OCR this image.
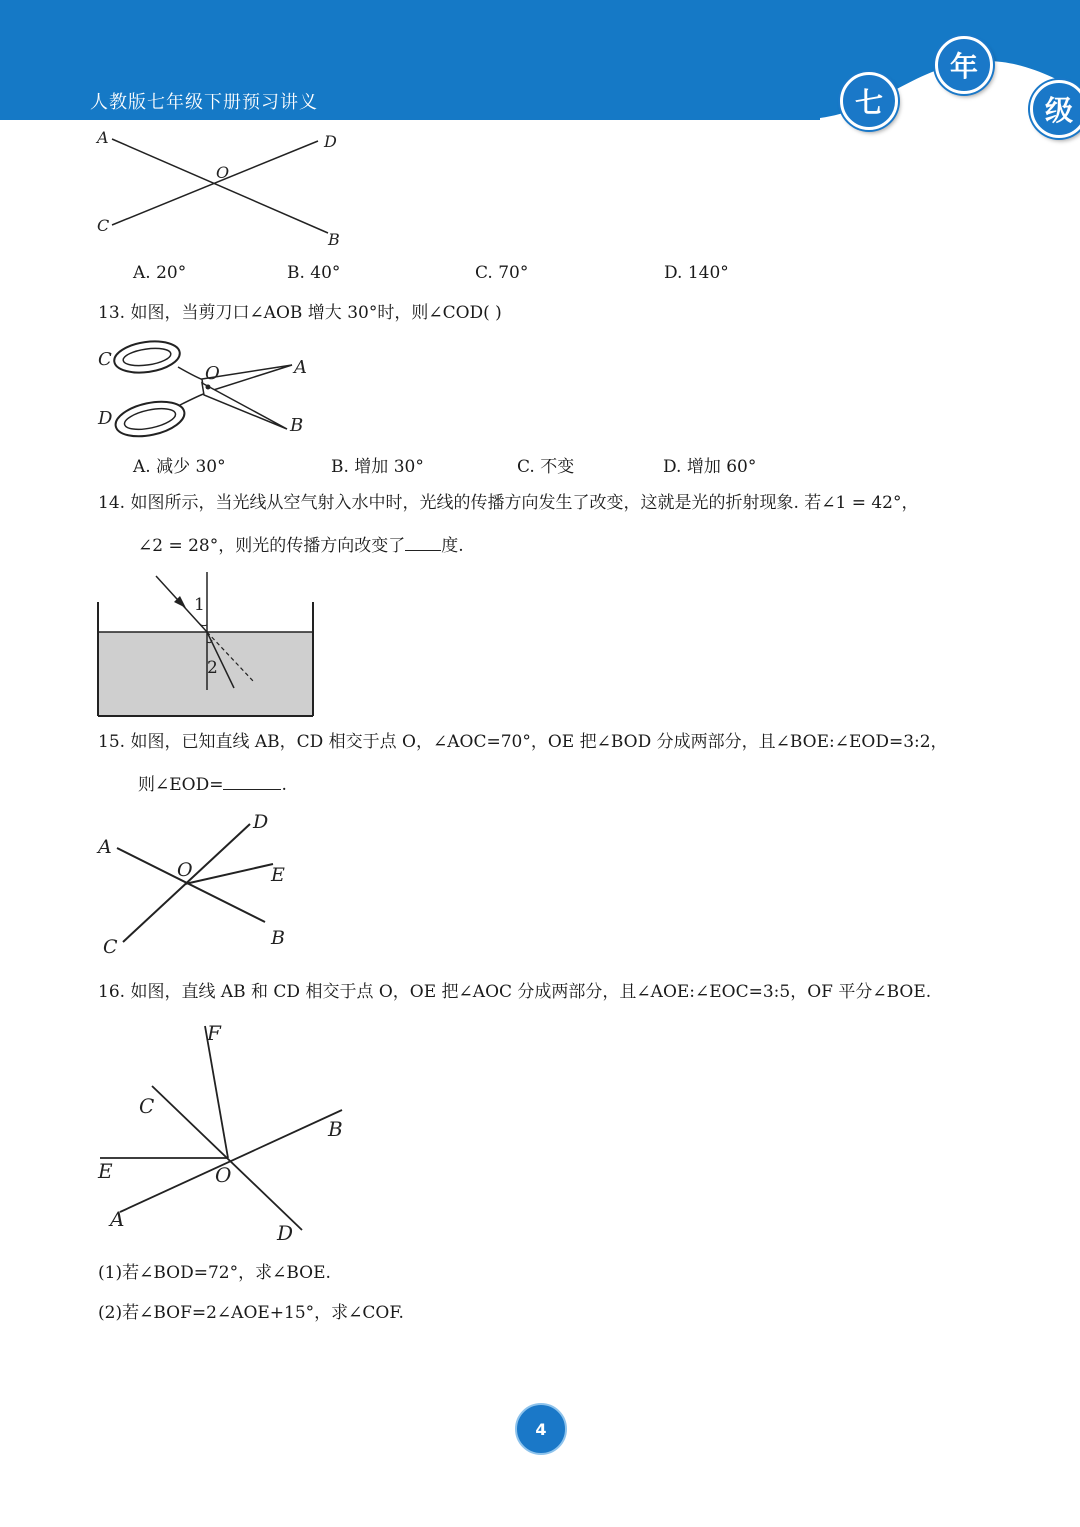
人教版七年级下册预习讲义	七
年
级
A
B
C
D
O
A. 20°	B. 40°	C. 70°	D. 140°
13. 如图，当剪刀口∠AOB 增大 30°时，则∠COD( )
C
D
O	A
B
A. 减少 30°	B. 增加 30°	C. 不变	D. 增加 60°
14. 如图所示，当光线从空气射入水中时，光线的传播方向发生了改变，这就是光的折射现象. 若∠1 = 42°，
∠2 = 28°，则光的传播方向改变了 度.
1
2
15. 如图，已知直线 AB，CD 相交于点 O，∠AOC=70°，OE 把∠BOD 分成两部分，且∠BOE:∠EOD=3:2，
则∠EOD=	.
A
B
C
D
E
O
16. 如图，直线 AB 和 CD 相交于点 O，OE 把∠AOC 分成两部分，且∠AOE:∠EOC=3:5，OF 平分∠BOE.
A
B
C
D
E
F
O
(1)若∠BOD=72°，求∠BOE.
(2)若∠BOF=2∠AOE+15°，求∠COF.
4
